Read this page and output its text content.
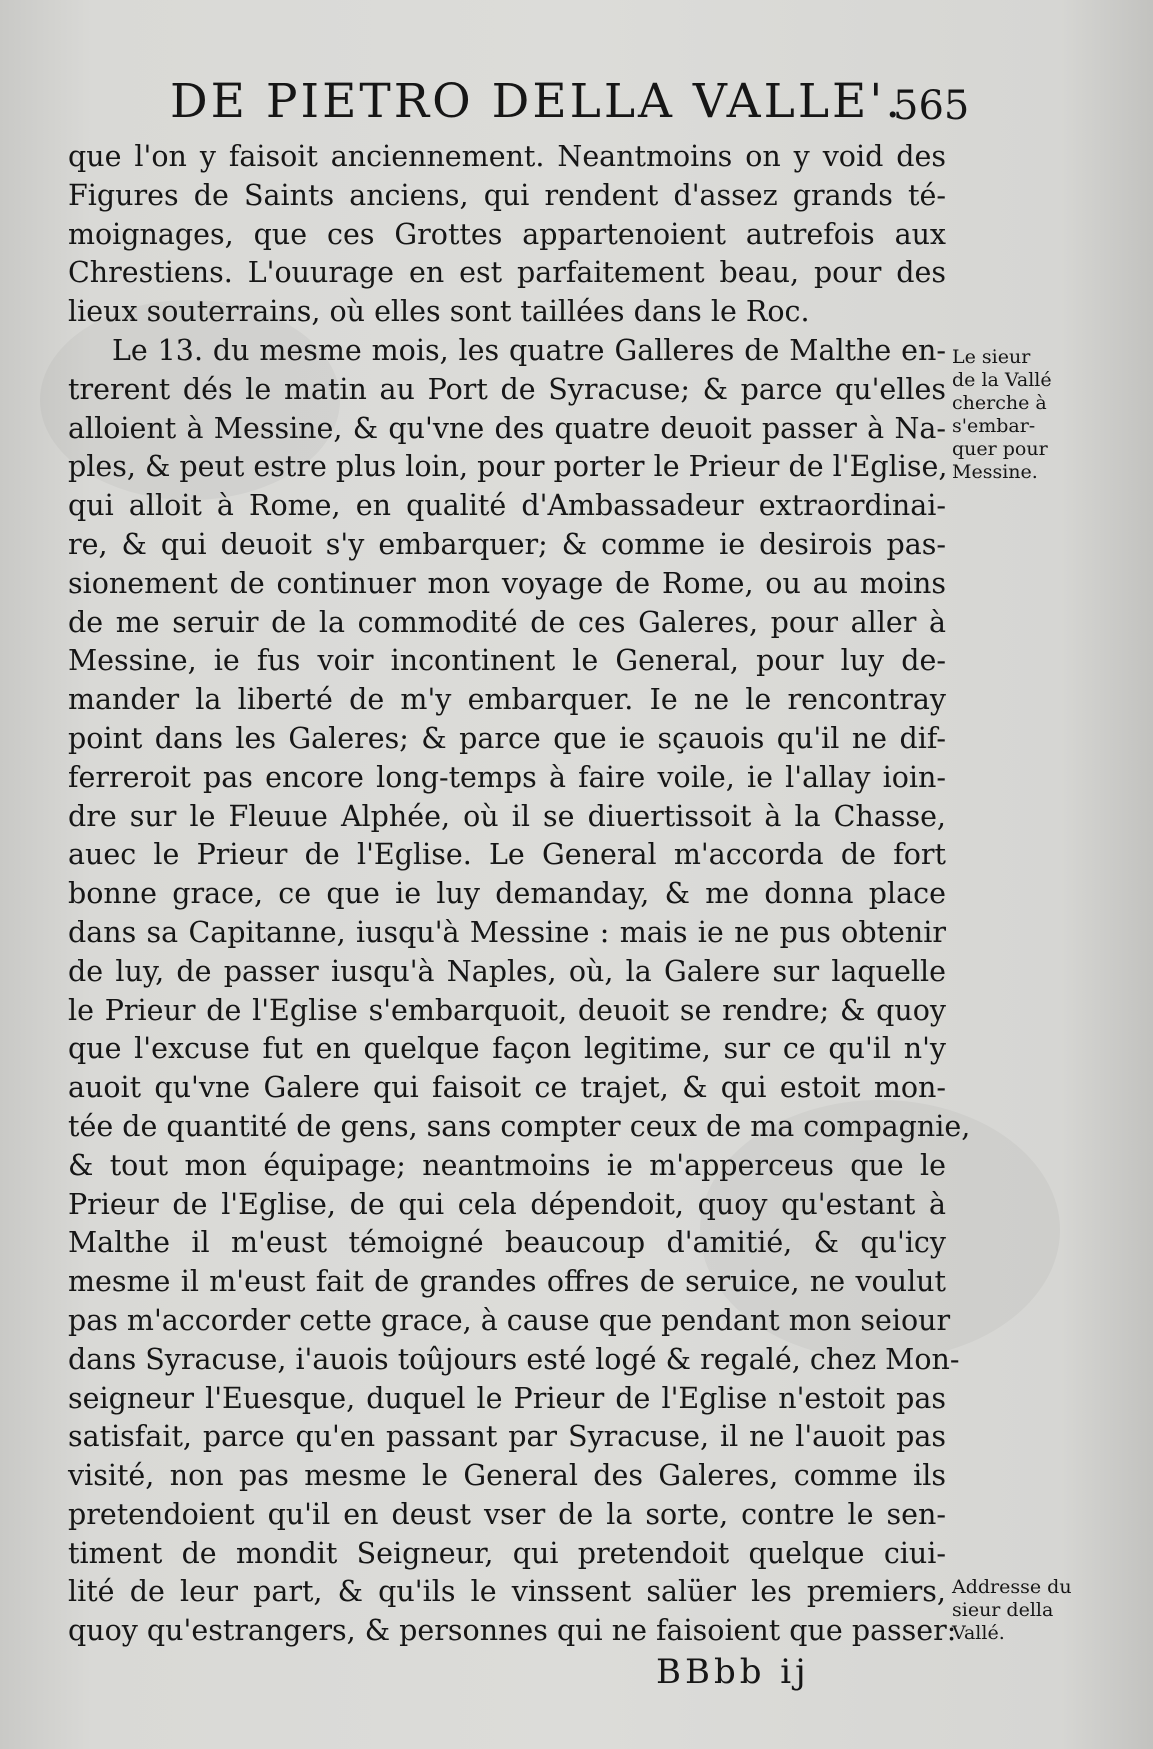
DE PIETRO DELLA VALLE'.
565
que l'on y faisoit anciennement. Neantmoins on y void des
Figures de Saints anciens, qui rendent d'assez grands té-
moignages, que ces Grottes appartenoient autrefois aux
Chrestiens. L'ouurage en est parfaitement beau, pour des
lieux souterrains, où elles sont taillées dans le Roc.
Le 13. du mesme mois, les quatre Galleres de Malthe en-
trerent dés le matin au Port de Syracuse; & parce qu'elles
alloient à Messine, & qu'vne des quatre deuoit passer à Na-
ples, & peut estre plus loin, pour porter le Prieur de l'Eglise,
qui alloit à Rome, en qualité d'Ambassadeur extraordinai-
re, & qui deuoit s'y embarquer; & comme ie desirois pas-
sionement de continuer mon voyage de Rome, ou au moins
de me seruir de la commodité de ces Galeres, pour aller à
Messine, ie fus voir incontinent le General, pour luy de-
mander la liberté de m'y embarquer. Ie ne le rencontray
point dans les Galeres; & parce que ie sçauois qu'il ne dif-
ferreroit pas encore long-temps à faire voile, ie l'allay ioin-
dre sur le Fleuue Alphée, où il se diuertissoit à la Chasse,
auec le Prieur de l'Eglise. Le General m'accorda de fort
bonne grace, ce que ie luy demanday, & me donna place
dans sa Capitanne, iusqu'à Messine : mais ie ne pus obtenir
de luy, de passer iusqu'à Naples, où, la Galere sur laquelle
le Prieur de l'Eglise s'embarquoit, deuoit se rendre; & quoy
que l'excuse fut en quelque façon legitime, sur ce qu'il n'y
auoit qu'vne Galere qui faisoit ce trajet, & qui estoit mon-
tée de quantité de gens, sans compter ceux de ma compagnie,
& tout mon équipage; neantmoins ie m'apperceus que le
Prieur de l'Eglise, de qui cela dépendoit, quoy qu'estant à
Malthe il m'eust témoigné beaucoup d'amitié, & qu'icy
mesme il m'eust fait de grandes offres de seruice, ne voulut
pas m'accorder cette grace, à cause que pendant mon seiour
dans Syracuse, i'auois toûjours esté logé & regalé, chez Mon-
seigneur l'Euesque, duquel le Prieur de l'Eglise n'estoit pas
satisfait, parce qu'en passant par Syracuse, il ne l'auoit pas
visité, non pas mesme le General des Galeres, comme ils
pretendoient qu'il en deust vser de la sorte, contre le sen-
timent de mondit Seigneur, qui pretendoit quelque ciui-
lité de leur part, & qu'ils le vinssent salüer les premiers,
quoy qu'estrangers, & personnes qui ne faisoient que passer:
Le sieur
de la Vallé
cherche à
s'embar-
quer pour
Messine.
Addresse du
sieur della
Vallé.
BBbb ij
